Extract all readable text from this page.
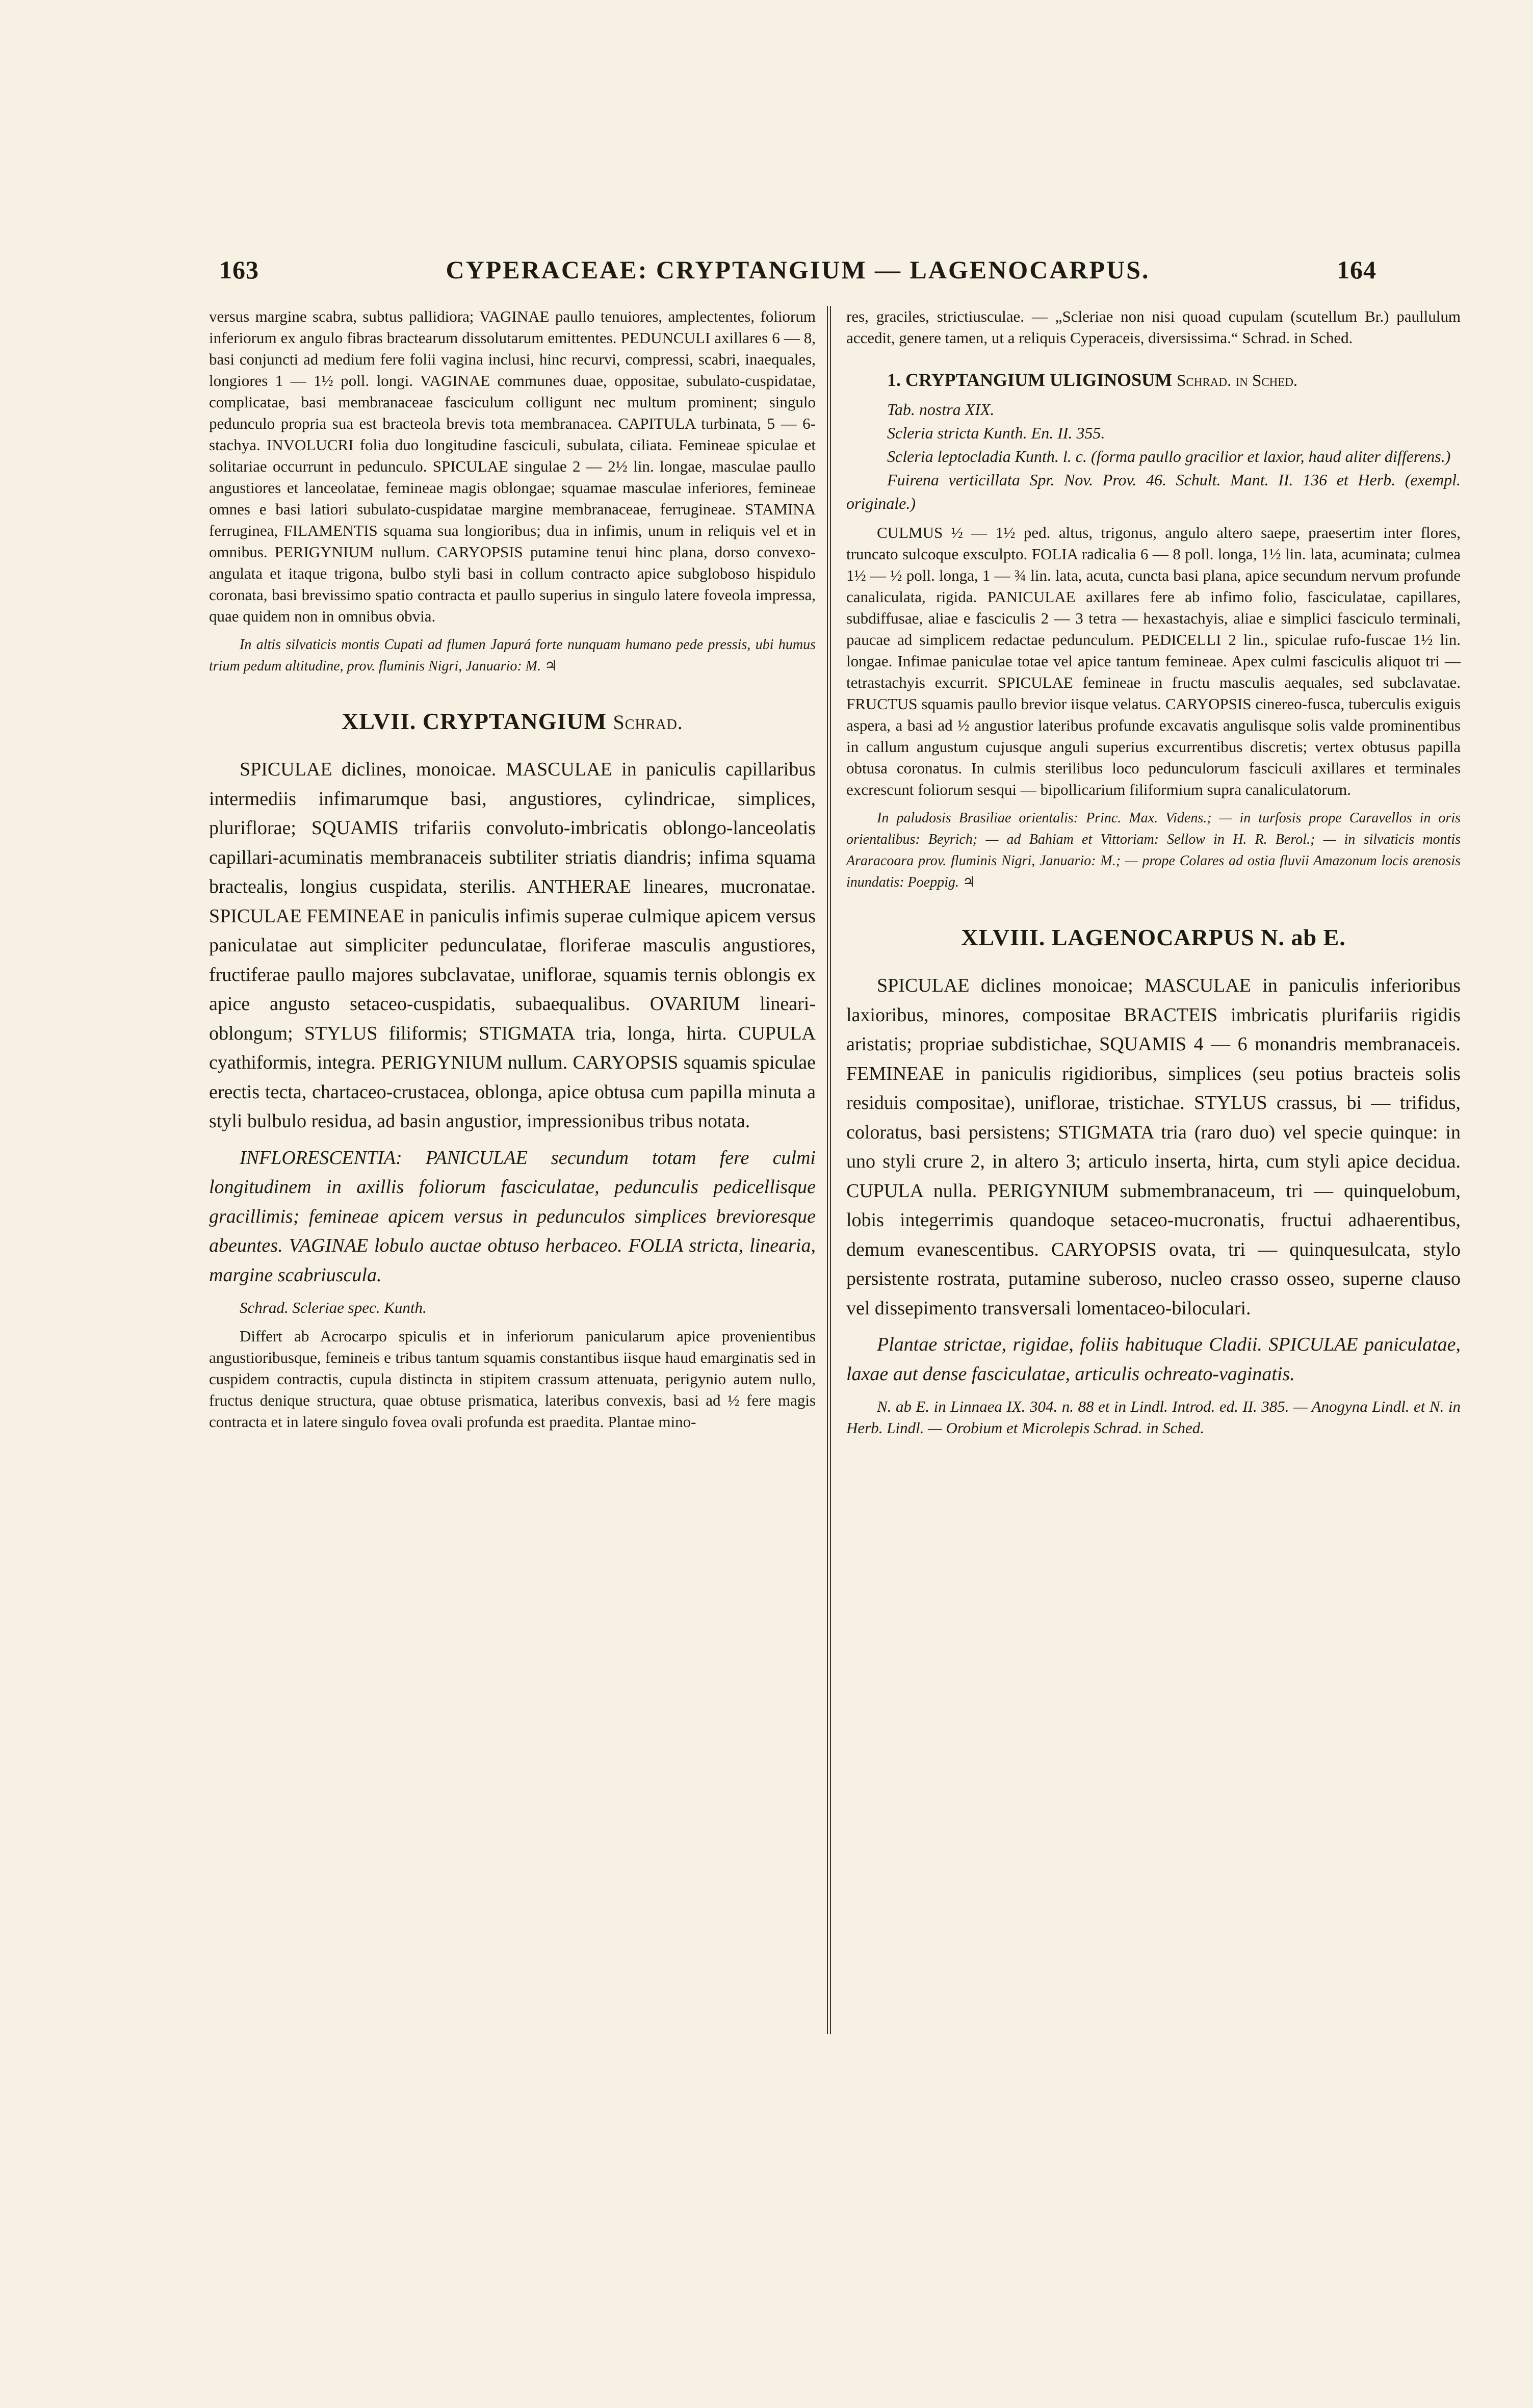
163	CYPERACEAE: CRYPTANGIUM — LAGENOCARPUS.	164

versus margine scabra, subtus pallidiora; VAGINAE paullo tenuiores, amplectentes, foliorum inferiorum ex angulo fibras bractearum dissolutarum emittentes. PEDUNCULI axillares 6 — 8, basi conjuncti ad medium fere folii vagina inclusi, hinc recurvi, compressi, scabri, inaequales, longiores 1 — 1½ poll. longi. VAGINAE communes duae, oppositae, subulato-cuspidatae, complicatae, basi membranaceae fasciculum colligunt nec multum prominent; singulo pedunculo propria sua est bracteola brevis tota membranacea. CAPITULA turbinata, 5 — 6-stachya. INVOLUCRI folia duo longitudine fasciculi, subulata, ciliata. Femineae spiculae et solitariae occurrunt in pedunculo. SPICULAE singulae 2 — 2½ lin. longae, masculae paullo angustiores et lanceolatae, femineae magis oblongae; squamae masculae inferiores, femineae omnes e basi latiori subulato-cuspidatae margine membranaceae, ferrugineae. STAMINA ferruginea, FILAMENTIS squama sua longioribus; dua in infimis, unum in reliquis vel et in omnibus. PERIGYNIUM nullum. CARYOPSIS putamine tenui hinc plana, dorso convexo-angulata et itaque trigona, bulbo styli basi in collum contracto apice subgloboso hispidulo coronata, basi brevissimo spatio contracta et paullo superius in singulo latere foveola impressa, quae quidem non in omnibus obvia.

In altis silvaticis montis Cupati ad flumen Japurá forte nunquam humano pede pressis, ubi humus trium pedum altitudine, prov. fluminis Nigri, Januario: M. ♃

XLVII. CRYPTANGIUM Schrad.

SPICULAE diclines, monoicae. MASCULAE in paniculis capillaribus intermediis infimarumque basi, angustiores, cylindricae, simplices, pluriflorae; SQUAMIS trifariis convoluto-imbricatis oblongo-lanceolatis capillari-acuminatis membranaceis subtiliter striatis diandris; infima squama bractealis, longius cuspidata, sterilis. ANTHERAE lineares, mucronatae. SPICULAE FEMINEAE in paniculis infimis superae culmique apicem versus paniculatae aut simpliciter pedunculatae, floriferae masculis angustiores, fructiferae paullo majores subclavatae, uniflorae, squamis ternis oblongis ex apice angusto setaceo-cuspidatis, subaequalibus. OVARIUM lineari-oblongum; STYLUS filiformis; STIGMATA tria, longa, hirta. CUPULA cyathiformis, integra. PERIGYNIUM nullum. CARYOPSIS squamis spiculae erectis tecta, chartaceo-crustacea, oblonga, apice obtusa cum papilla minuta a styli bulbulo residua, ad basin angustior, impressionibus tribus notata.

INFLORESCENTIA: PANICULAE secundum totam fere culmi longitudinem in axillis foliorum fasciculatae, pedunculis pedicellisque gracillimis; femineae apicem versus in pedunculos simplices brevioresque abeuntes. VAGINAE lobulo auctae obtuso herbaceo. FOLIA stricta, linearia, margine scabriuscula.

Schrad. Scleriae spec. Kunth.

Differt ab Acrocarpo spiculis et in inferiorum panicularum apice provenientibus angustioribusque, femineis e tribus tantum squamis constantibus iisque haud emarginatis sed in cuspidem contractis, cupula distincta in stipitem crassum attenuata, perigynio autem nullo, fructus denique structura, quae obtuse prismatica, lateribus convexis, basi ad ½ fere magis contracta et in latere singulo fovea ovali profunda est praedita. Plantae mino-

res, graciles, strictiusculae. — „Scleriae non nisi quoad cupulam (scutellum Br.) paullulum accedit, genere tamen, ut a reliquis Cyperaceis, diversissima.“ Schrad. in Sched.

1. CRYPTANGIUM ULIGINOSUM Schrad. in Sched.

Tab. nostra XIX.

Scleria stricta Kunth. En. II. 355.

Scleria leptocladia Kunth. l. c. (forma paullo gracilior et laxior, haud aliter differens.)

Fuirena verticillata Spr. Nov. Prov. 46. Schult. Mant. II. 136 et Herb. (exempl. originale.)

CULMUS ½ — 1½ ped. altus, trigonus, angulo altero saepe, praesertim inter flores, truncato sulcoque exsculpto. FOLIA radicalia 6 — 8 poll. longa, 1½ lin. lata, acuminata; culmea 1½ — ½ poll. longa, 1 — ¾ lin. lata, acuta, cuncta basi plana, apice secundum nervum profunde canaliculata, rigida. PANICULAE axillares fere ab infimo folio, fasciculatae, capillares, subdiffusae, aliae e fasciculis 2 — 3 tetra — hexastachyis, aliae e simplici fasciculo terminali, paucae ad simplicem redactae pedunculum. PEDICELLI 2 lin., spiculae rufo-fuscae 1½ lin. longae. Infimae paniculae totae vel apice tantum femineae. Apex culmi fasciculis aliquot tri — tetrastachyis excurrit. SPICULAE femineae in fructu masculis aequales, sed subclavatae. FRUCTUS squamis paullo brevior iisque velatus. CARYOPSIS cinereo-fusca, tuberculis exiguis aspera, a basi ad ½ angustior lateribus profunde excavatis angulisque solis valde prominentibus in callum angustum cujusque anguli superius excurrentibus discretis; vertex obtusus papilla obtusa coronatus. In culmis sterilibus loco pedunculorum fasciculi axillares et terminales excrescunt foliorum sesqui — bipollicarium filiformium supra canaliculatorum.

In paludosis Brasiliae orientalis: Princ. Max. Videns.; — in turfosis prope Caravellos in oris orientalibus: Beyrich; — ad Bahiam et Vittoriam: Sellow in H. R. Berol.; — in silvaticis montis Araracoara prov. fluminis Nigri, Januario: M.; — prope Colares ad ostia fluvii Amazonum locis arenosis inundatis: Poeppig. ♃

XLVIII. LAGENOCARPUS N. ab E.

SPICULAE diclines monoicae; MASCULAE in paniculis inferioribus laxioribus, minores, compositae BRACTEIS imbricatis plurifariis rigidis aristatis; propriae subdistichae, SQUAMIS 4 — 6 monandris membranaceis. FEMINEAE in paniculis rigidioribus, simplices (seu potius bracteis solis residuis compositae), uniflorae, tristichae. STYLUS crassus, bi — trifidus, coloratus, basi persistens; STIGMATA tria (raro duo) vel specie quinque: in uno styli crure 2, in altero 3; articulo inserta, hirta, cum styli apice decidua. CUPULA nulla. PERIGYNIUM submembranaceum, tri — quinquelobum, lobis integerrimis quandoque setaceo-mucronatis, fructui adhaerentibus, demum evanescentibus. CARYOPSIS ovata, tri — quinquesulcata, stylo persistente rostrata, putamine suberoso, nucleo crasso osseo, superne clauso vel dissepimento transversali lomentaceo-biloculari.

Plantae strictae, rigidae, foliis habituque Cladii. SPICULAE paniculatae, laxae aut dense fasciculatae, articulis ochreato-vaginatis.

N. ab E. in Linnaea IX. 304. n. 88 et in Lindl. Introd. ed. II. 385. — Anogyna Lindl. et N. in Herb. Lindl. — Orobium et Microlepis Schrad. in Sched.
